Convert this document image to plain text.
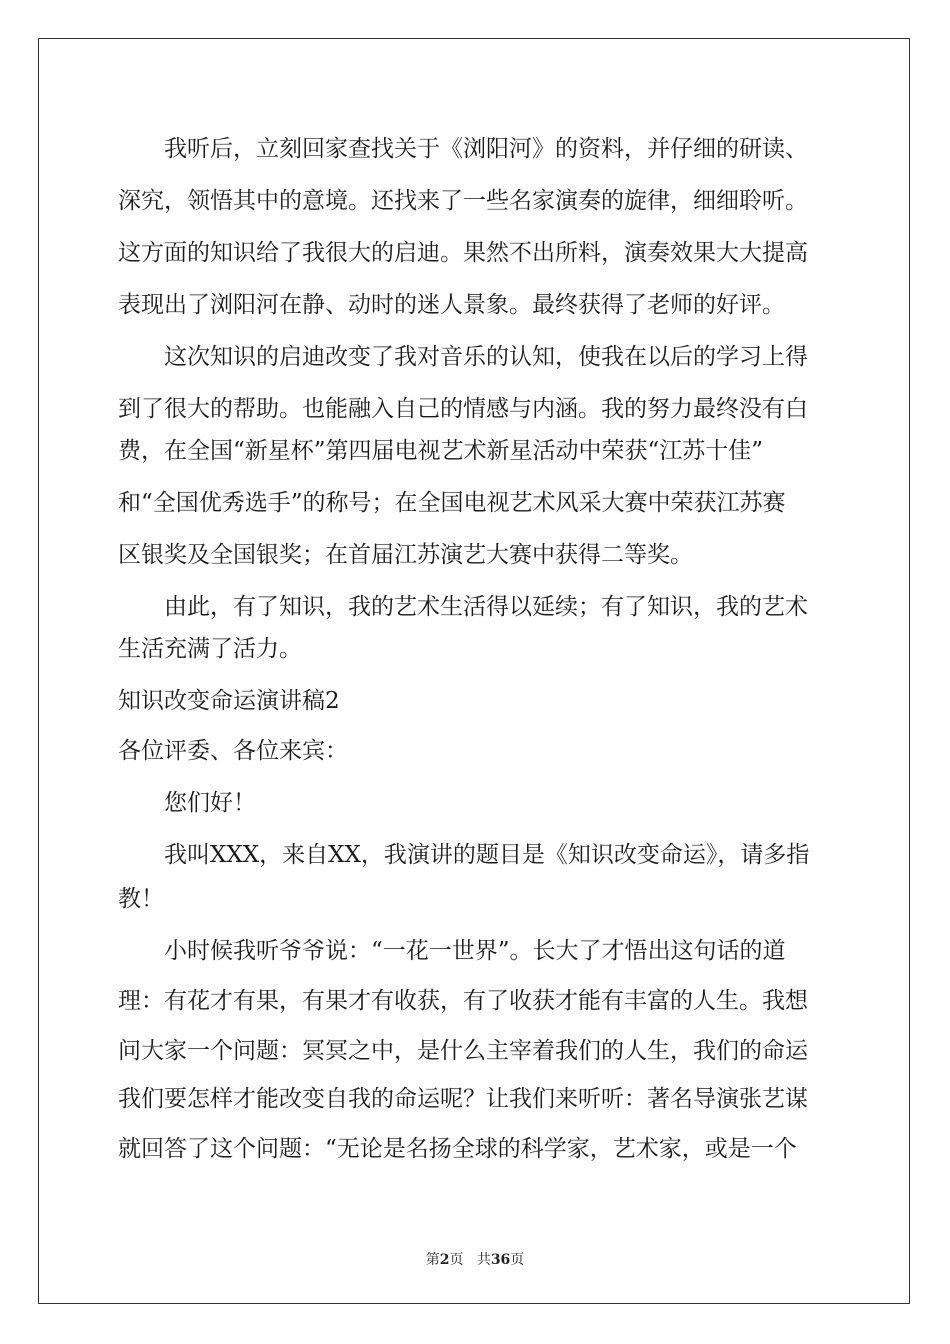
我听后，立刻回家查找关于《浏阳河》的资料，并仔细的研读、
深究，领悟其中的意境。还找来了一些名家演奏的旋律，细细聆听。
这方面的知识给了我很大的启迪。果然不出所料，演奏效果大大提高
表现出了浏阳河在静、动时的迷人景象。最终获得了老师的好评。
这次知识的启迪改变了我对音乐的认知，使我在以后的学习上得
到了很大的帮助。也能融入自己的情感与内涵。我的努力最终没有白
费，在全国“新星杯”第四届电视艺术新星活动中荣获“江苏十佳”
和“全国优秀选手”的称号；在全国电视艺术风采大赛中荣获江苏赛
区银奖及全国银奖；在首届江苏演艺大赛中获得二等奖。
由此，有了知识，我的艺术生活得以延续；有了知识，我的艺术
生活充满了活力。
知识改变命运演讲稿2
各位评委、各位来宾：
您们好！
我叫XXX，来自XX，我演讲的题目是《知识改变命运》，请多指
教！
小时候我听爷爷说：“一花一世界”。长大了才悟出这句话的道
理：有花才有果，有果才有收获，有了收获才能有丰富的人生。我想
问大家一个问题：冥冥之中，是什么主宰着我们的人生，我们的命运
我们要怎样才能改变自我的命运呢？让我们来听听：著名导演张艺谋
就回答了这个问题：“无论是名扬全球的科学家，艺术家，或是一个
第2页 共36页
